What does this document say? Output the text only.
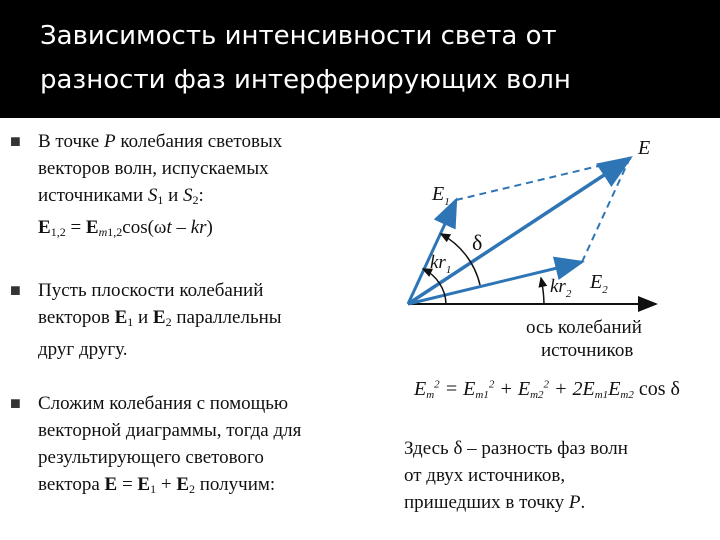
Зависимость интенсивности света от
разности фаз интерферирующих волн
■ В точке P колебания световых
векторов волн, испускаемых
источниками $S_1$ и $S_2$:
$E_{1,2} = E_{m1,2}\cos(\omega t - kr)$
■ Пусть плоскости колебаний
векторов $E_1$ и $E_2$ параллельны
друг другу.
■ Сложим колебания с помощью
векторной диаграммы, тогда для
результирующего светового
вектора $E = E_1 + E_2$ получим:
E
$E_1$
$E_2$
δ
$kr_1$
$kr_2$
ось колебаний
источников
$E_m^2 = E_{m1}^2 + E_{m2}^2 + 2E_{m1}E_{m2}$ cos δ
Здесь δ – разность фаз волн
от двух источников,
пришедших в точку P.
